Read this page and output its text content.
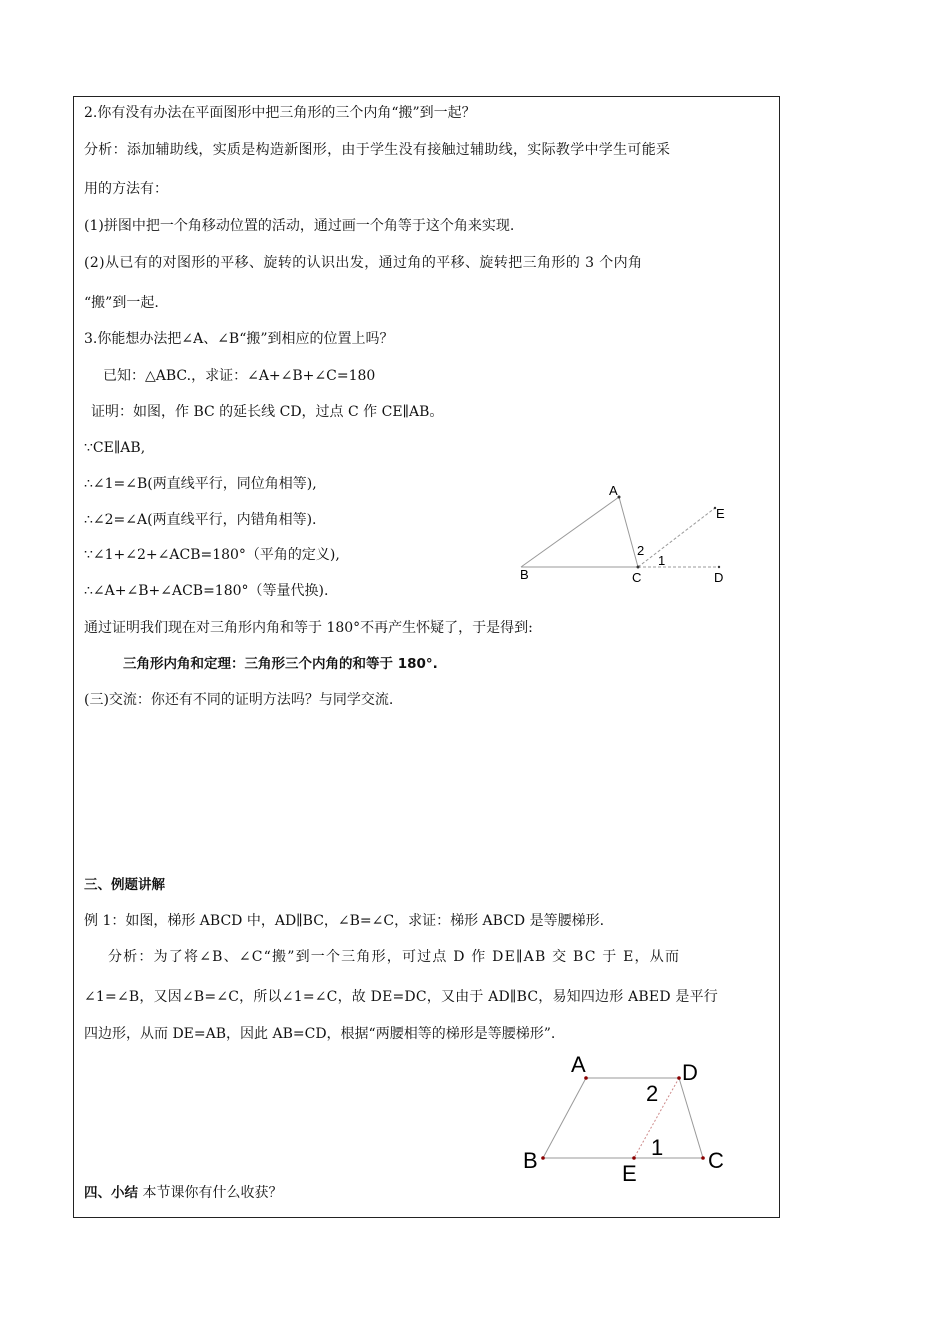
2.你有没有办法在平面图形中把三角形的三个内角“搬”到一起？
分析：添加辅助线，实质是构造新图形，由于学生没有接触过辅助线，实际教学中学生可能采
用的方法有：
(1)拼图中把一个角移动位置的活动，通过画一个角等于这个角来实现.
(2)从已有的对图形的平移、旋转的认识出发，通过角的平移、旋转把三角形的 3 个内角
“搬”到一起.
3.你能想办法把∠A、∠B“搬”到相应的位置上吗？
已知：△ABC.，求证：∠A+∠B+∠C=180
证明：如图，作 BC 的延长线 CD，过点 C 作 CE∥AB。
∵CE∥AB,
∴∠1=∠B(两直线平行，同位角相等),
∴∠2=∠A(两直线平行，内错角相等).
∵∠1+∠2+∠ACB=180°（平角的定义),
∴∠A+∠B+∠ACB=180°（等量代换).
通过证明我们现在对三角形内角和等于 180°不再产生怀疑了，于是得到:
三角形内角和定理：三角形三个内角的和等于 180°.
(三)交流：你还有不同的证明方法吗？与同学交流.
三、例题讲解
例 1：如图，梯形 ABCD 中，AD∥BC，∠B=∠C，求证：梯形 ABCD 是等腰梯形.
分析：为了将∠B、∠C“搬”到一个三角形，可过点 D 作 DE∥AB 交 BC 于 E，从而
∠1=∠B，又因∠B=∠C，所以∠1=∠C，故 DE=DC，又由于 AD∥BC，易知四边形 ABED 是平行
四边形，从而 DE=AB，因此 AB=CD，根据“两腰相等的梯形是等腰梯形”.
四、小结 本节课你有什么收获？
A
B	C	D
E
2
1
A	D
B	C
E
2
1
